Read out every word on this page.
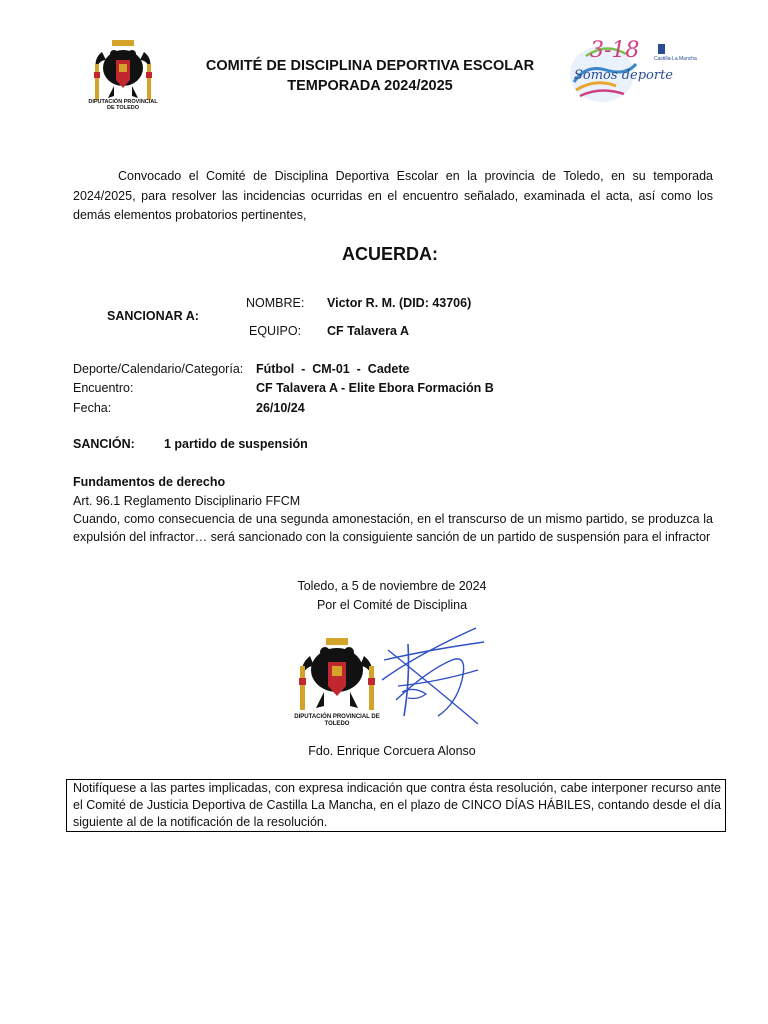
DIPUTACIÓN PROVINCIAL DE TOLEDO
COMITÉ DE DISCIPLINA DEPORTIVA ESCOLAR
TEMPORADA 2024/2025
3-18
Somos deporte
Castilla-La Mancha
Convocado el Comité de Disciplina Deportiva Escolar en la provincia de Toledo, en su temporada 2024/2025, para resolver las incidencias ocurridas en el encuentro señalado, examinada el acta, así como los demás elementos probatorios pertinentes,
ACUERDA:
SANCIONAR A:
NOMBRE: Victor R. M. (DID: 43706)
EQUIPO: CF Talavera A
Deporte/Calendario/Categoría: Fútbol  -  CM-01  -  Cadete
Encuentro:	CF Talavera A - Elite Ebora Formación B
Fecha:	26/10/24
SANCIÓN: 1 partido de suspensión
Fundamentos de derecho
Art. 96.1 Reglamento Disciplinario FFCM
Cuando, como consecuencia de una segunda amonestación, en el transcurso de un mismo partido, se produzca la expulsión del infractor… será sancionado con la consiguiente sanción de un partido de suspensión para el infractor
Toledo, a 5 de noviembre de 2024
Por el Comité de Disciplina
DIPUTACIÓN PROVINCIAL DE TOLEDO
Fdo. Enrique Corcuera Alonso
Notifíquese a las partes implicadas, con expresa indicación que contra ésta resolución, cabe interponer recurso ante el Comité de Justicia Deportiva de Castilla La Mancha, en el plazo de CINCO DÍAS HÁBILES, contando desde el día siguiente al de la notificación de la resolución.
